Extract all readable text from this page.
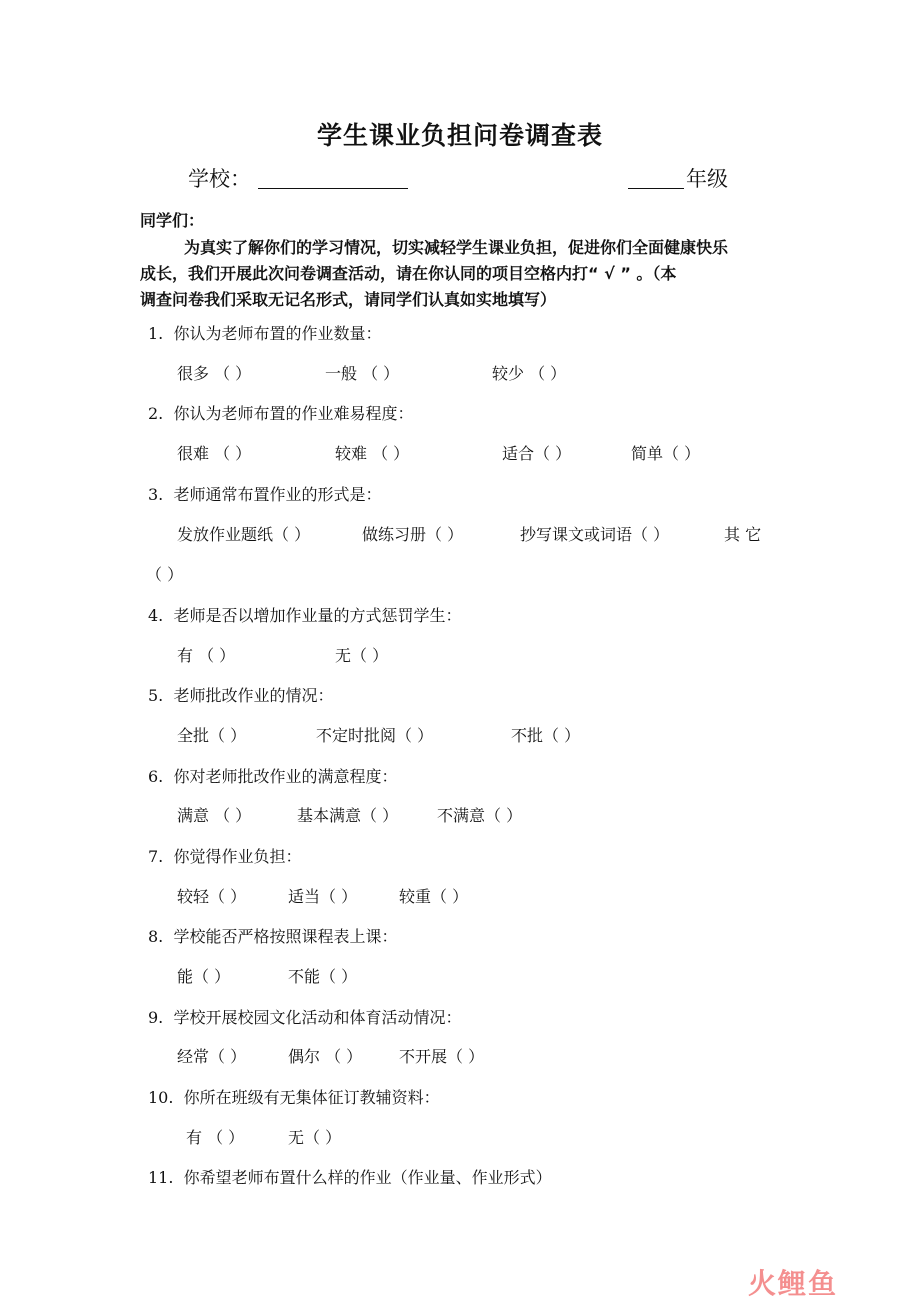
学生课业负担问卷调查表
学校：	年级
同学们：
为真实了解你们的学习情况，切实减轻学生课业负担，促进你们全面健康快乐
成长，我们开展此次问卷调查活动，请在你认同的项目空格内打“ √ ” 。（本
调查问卷我们采取无记名形式，请同学们认真如实地填写）
1. 你认为老师布置的作业数量：
很多 （ ）	一般 （ ）	较少 （ ）
2. 你认为老师布置的作业难易程度：
很难 （ ）	较难 （ ）	适合（ ）	简单（ ）
3. 老师通常布置作业的形式是：
发放作业题纸（ ）	做练习册（ ）	抄写课文或词语（ ）	其 它
（ ）
4. 老师是否以增加作业量的方式惩罚学生：
有 （ ）	无（ ）
5. 老师批改作业的情况：
全批（ ）	不定时批阅（ ）	不批（ ）
6. 你对老师批改作业的满意程度：
满意 （ ）	基本满意（ ） 不满意（ ）
7. 你觉得作业负担：
较轻（ ）	适当（ ）	较重（ ）
8. 学校能否严格按照课程表上课：
能（ ）	不能（ ）
9. 学校开展校园文化活动和体育活动情况：
经常（ ）	偶尔 （ ） 不开展（ ）
10. 你所在班级有无集体征订教辅资料：
有 （ ）	无（ ）
11. 你希望老师布置什么样的作业（作业量、作业形式）
火鲤鱼
